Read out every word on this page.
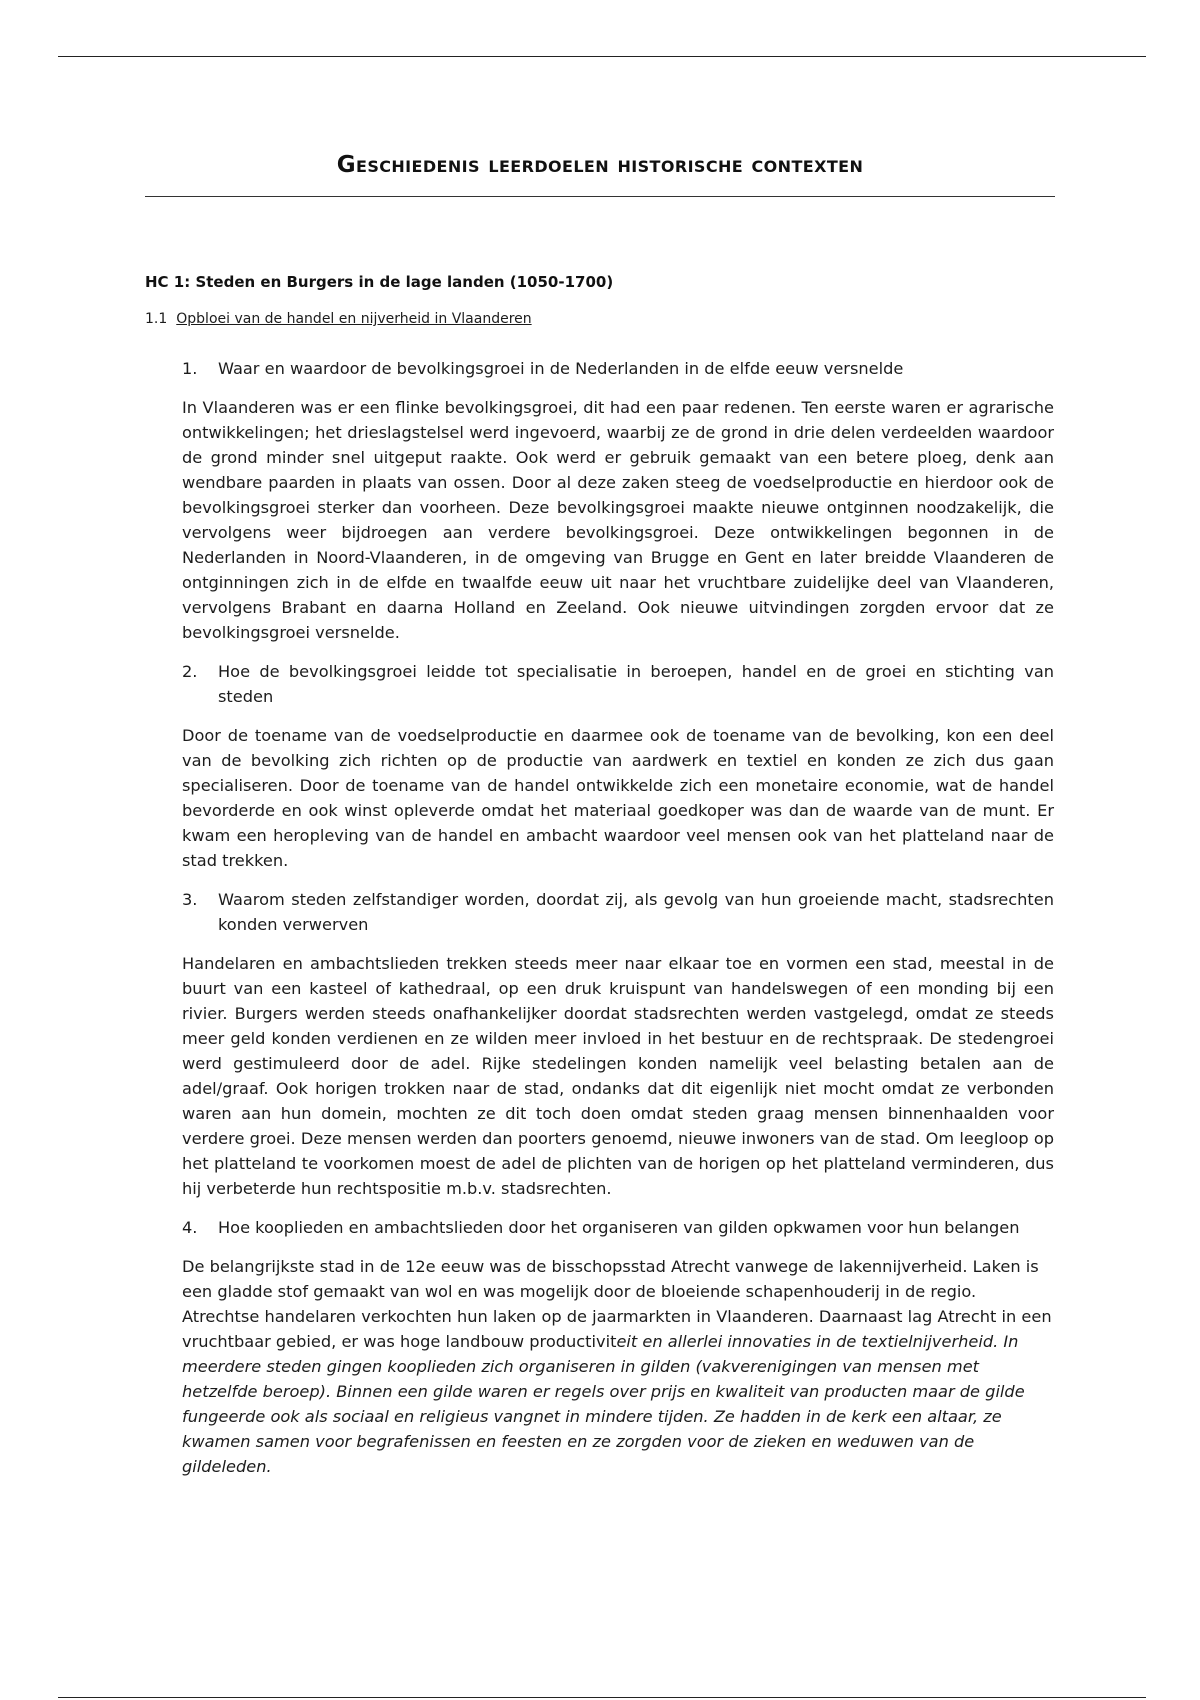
Geschiedenis leerdoelen historische contexten

HC 1: Steden en Burgers in de lage landen (1050-1700)

1.1 Opbloei van de handel en nijverheid in Vlaanderen

1.	Waar en waardoor de bevolkingsgroei in de Nederlanden in de elfde eeuw versnelde

In Vlaanderen was er een flinke bevolkingsgroei, dit had een paar redenen. Ten eerste waren er agrarische ontwikkelingen; het drieslagstelsel werd ingevoerd, waarbij ze de grond in drie delen verdeelden waardoor de grond minder snel uitgeput raakte. Ook werd er gebruik gemaakt van een betere ploeg, denk aan wendbare paarden in plaats van ossen. Door al deze zaken steeg de voedselproductie en hierdoor ook de bevolkingsgroei sterker dan voorheen. Deze bevolkingsgroei maakte nieuwe ontginnen noodzakelijk, die vervolgens weer bijdroegen aan verdere bevolkingsgroei. Deze ontwikkelingen begonnen in de Nederlanden in Noord-Vlaanderen, in de omgeving van Brugge en Gent en later breidde Vlaanderen de ontginningen zich in de elfde en twaalfde eeuw uit naar het vruchtbare zuidelijke deel van Vlaanderen, vervolgens Brabant en daarna Holland en Zeeland. Ook nieuwe uitvindingen zorgden ervoor dat ze bevolkingsgroei versnelde.

2.	Hoe de bevolkingsgroei leidde tot specialisatie in beroepen, handel en de groei en stichting van steden

Door de toename van de voedselproductie en daarmee ook de toename van de bevolking, kon een deel van de bevolking zich richten op de productie van aardwerk en textiel en konden ze zich dus gaan specialiseren. Door de toename van de handel ontwikkelde zich een monetaire economie, wat de handel bevorderde en ook winst opleverde omdat het materiaal goedkoper was dan de waarde van de munt. Er kwam een heropleving van de handel en ambacht waardoor veel mensen ook van het platteland naar de stad trekken.

3.	Waarom steden zelfstandiger worden, doordat zij, als gevolg van hun groeiende macht, stadsrechten konden verwerven

Handelaren en ambachtslieden trekken steeds meer naar elkaar toe en vormen een stad, meestal in de buurt van een kasteel of kathedraal, op een druk kruispunt van handelswegen of een monding bij een rivier. Burgers werden steeds onafhankelijker doordat stadsrechten werden vastgelegd, omdat ze steeds meer geld konden verdienen en ze wilden meer invloed in het bestuur en de rechtspraak. De stedengroei werd gestimuleerd door de adel. Rijke stedelingen konden namelijk veel belasting betalen aan de adel/graaf. Ook horigen trokken naar de stad, ondanks dat dit eigenlijk niet mocht omdat ze verbonden waren aan hun domein, mochten ze dit toch doen omdat steden graag mensen binnenhaalden voor verdere groei. Deze mensen werden dan poorters genoemd, nieuwe inwoners van de stad. Om leegloop op het platteland te voorkomen moest de adel de plichten van de horigen op het platteland verminderen, dus hij verbeterde hun rechtspositie m.b.v. stadsrechten.

4.	Hoe kooplieden en ambachtslieden door het organiseren van gilden opkwamen voor hun belangen

De belangrijkste stad in de 12e eeuw was de bisschopsstad Atrecht vanwege de lakennijverheid. Laken is een gladde stof gemaakt van wol en was mogelijk door de bloeiende schapenhouderij in de regio. Atrechtse handelaren verkochten hun laken op de jaarmarkten in Vlaanderen. Daarnaast lag Atrecht in een vruchtbaar gebied, er was hoge landbouw productiviteit en allerlei innovaties in de textielnijverheid. In meerdere steden gingen kooplieden zich organiseren in gilden (vakverenigingen van mensen met hetzelfde beroep). Binnen een gilde waren er regels over prijs en kwaliteit van producten maar de gilde fungeerde ook als sociaal en religieus vangnet in mindere tijden. Ze hadden in de kerk een altaar, ze kwamen samen voor begrafenissen en feesten en ze zorgden voor de zieken en weduwen van de gildeleden.
